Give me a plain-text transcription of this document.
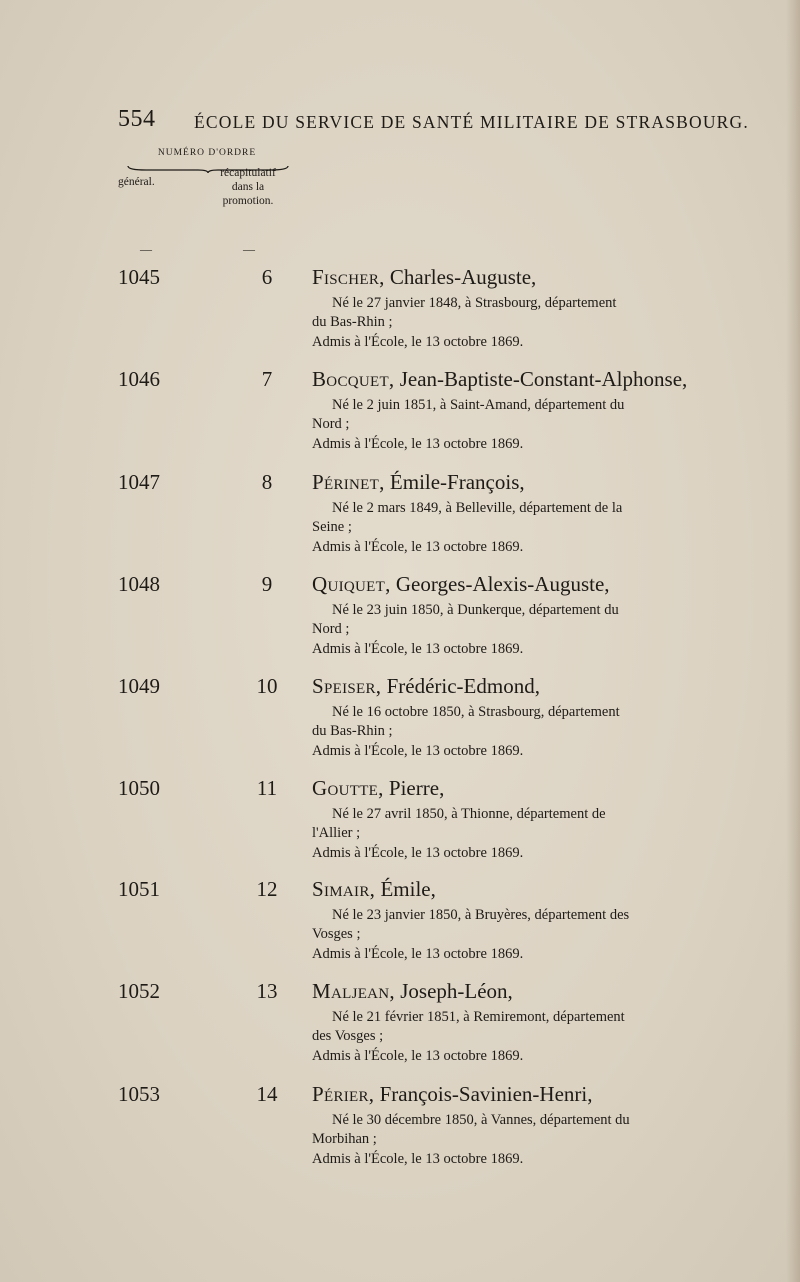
554 ÉCOLE DU SERVICE DE SANTÉ MILITAIRE DE STRASBOURG.
NUMÉRO D'ORDRE
général.
récapitulatif
dans la
promotion.
—	—
1045	6	Fischer, Charles-Auguste,
Né le 27 janvier 1848, à Strasbourg, département
du Bas-Rhin ;
Admis à l'École, le 13 octobre 1869.
1046	7	Bocquet, Jean-Baptiste-Constant-Alphonse,
Né le 2 juin 1851, à Saint-Amand, département du
Nord ;
Admis à l'École, le 13 octobre 1869.
1047	8	Périnet, Émile-François,
Né le 2 mars 1849, à Belleville, département de la
Seine ;
Admis à l'École, le 13 octobre 1869.
1048	9	Quiquet, Georges-Alexis-Auguste,
Né le 23 juin 1850, à Dunkerque, département du
Nord ;
Admis à l'École, le 13 octobre 1869.
1049	10 Speiser, Frédéric-Edmond,
Né le 16 octobre 1850, à Strasbourg, département
du Bas-Rhin ;
Admis à l'École, le 13 octobre 1869.
1050	11 Goutte, Pierre,
Né le 27 avril 1850, à Thionne, département de
l'Allier ;
Admis à l'École, le 13 octobre 1869.
1051	12 Simair, Émile,
Né le 23 janvier 1850, à Bruyères, département des
Vosges ;
Admis à l'École, le 13 octobre 1869.
1052	13 Maljean, Joseph-Léon,
Né le 21 février 1851, à Remiremont, département
des Vosges ;
Admis à l'École, le 13 octobre 1869.
1053	14 Périer, François-Savinien-Henri,
Né le 30 décembre 1850, à Vannes, département du
Morbihan ;
Admis à l'École, le 13 octobre 1869.
